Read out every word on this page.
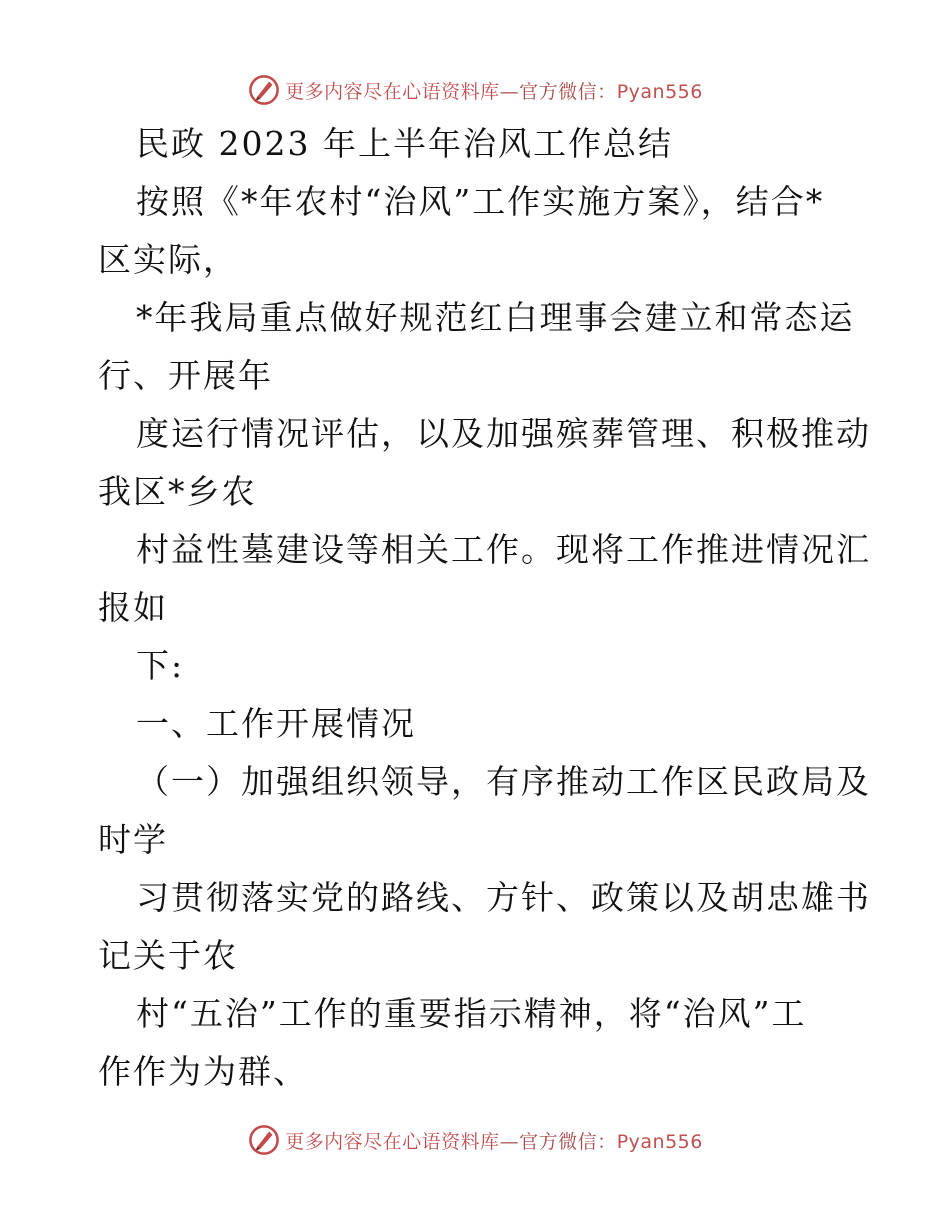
更多内容尽在心语资料库—官方微信：Pyan556
民政 2023 年上半年治风工作总结
按照《*年农村“治风”工作实施方案》，结合*
区实际，
*年我局重点做好规范红白理事会建立和常态运
行、开展年
度运行情况评估，以及加强殡葬管理、积极推动
我区*乡农
村益性墓建设等相关工作。现将工作推进情况汇
报如
下:
一、工作开展情况
（一）加强组织领导，有序推动工作区民政局及
时学
习贯彻落实党的路线、方针、政策以及胡忠雄书
记关于农
村“五治”工作的重要指示精神，将“治风”工
作作为为群、
更多内容尽在心语资料库—官方微信：Pyan556
